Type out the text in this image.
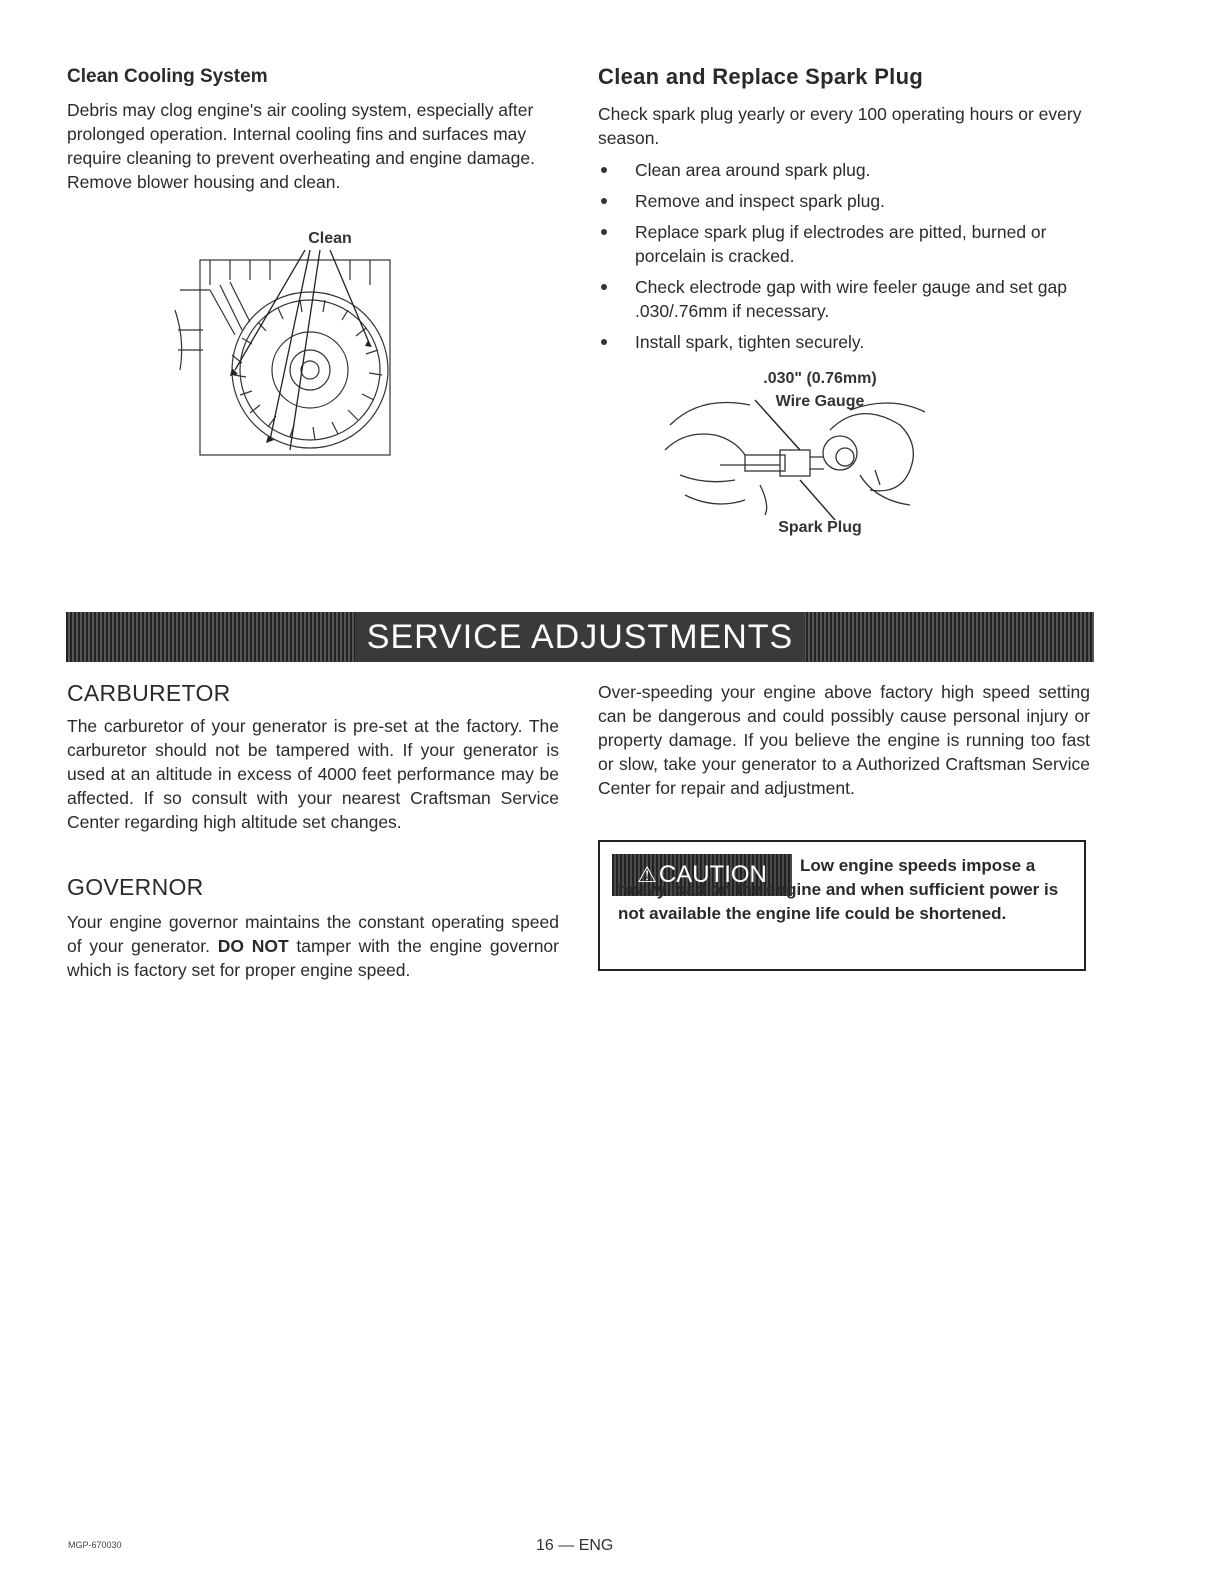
Clean Cooling System
Debris may clog engine's air cooling system, especially after prolonged operation. Internal cooling fins and surfaces may require cleaning to prevent overheating and engine damage. Remove blower housing and clean.
Clean
Clean and Replace Spark Plug
Check spark plug yearly or every 100 operating hours or every season.
Clean area around spark plug.
Remove and inspect spark plug.
Replace spark plug if electrodes are pitted, burned or porcelain is cracked.
Check electrode gap with wire feeler gauge and set gap .030/.76mm if necessary.
Install spark, tighten securely.
.030" (0.76mm)
Wire Gauge
Spark Plug
SERVICE ADJUSTMENTS
CARBURETOR
The carburetor of your generator is pre-set at the factory. The carburetor should not be tampered with. If your generator is used at an altitude in excess of 4000 feet performance may be affected. If so consult with your nearest Craftsman Service Center regarding high altitude set changes.
GOVERNOR
Your engine governor maintains the constant operating speed of your generator. DO NOT tamper with the engine governor which is factory set for proper engine speed.
Over-speeding your engine above factory high speed setting can be dangerous and could possibly cause personal injury or property damage. If you believe the engine is running too fast or slow, take your generator to a Authorized Craftsman Service Center for repair and adjustment.
⚠ CAUTION	Low engine speeds impose a heavy load on the engine and when sufficient power is not available the engine life could be shortened.
MGP-670030	16 — ENG
